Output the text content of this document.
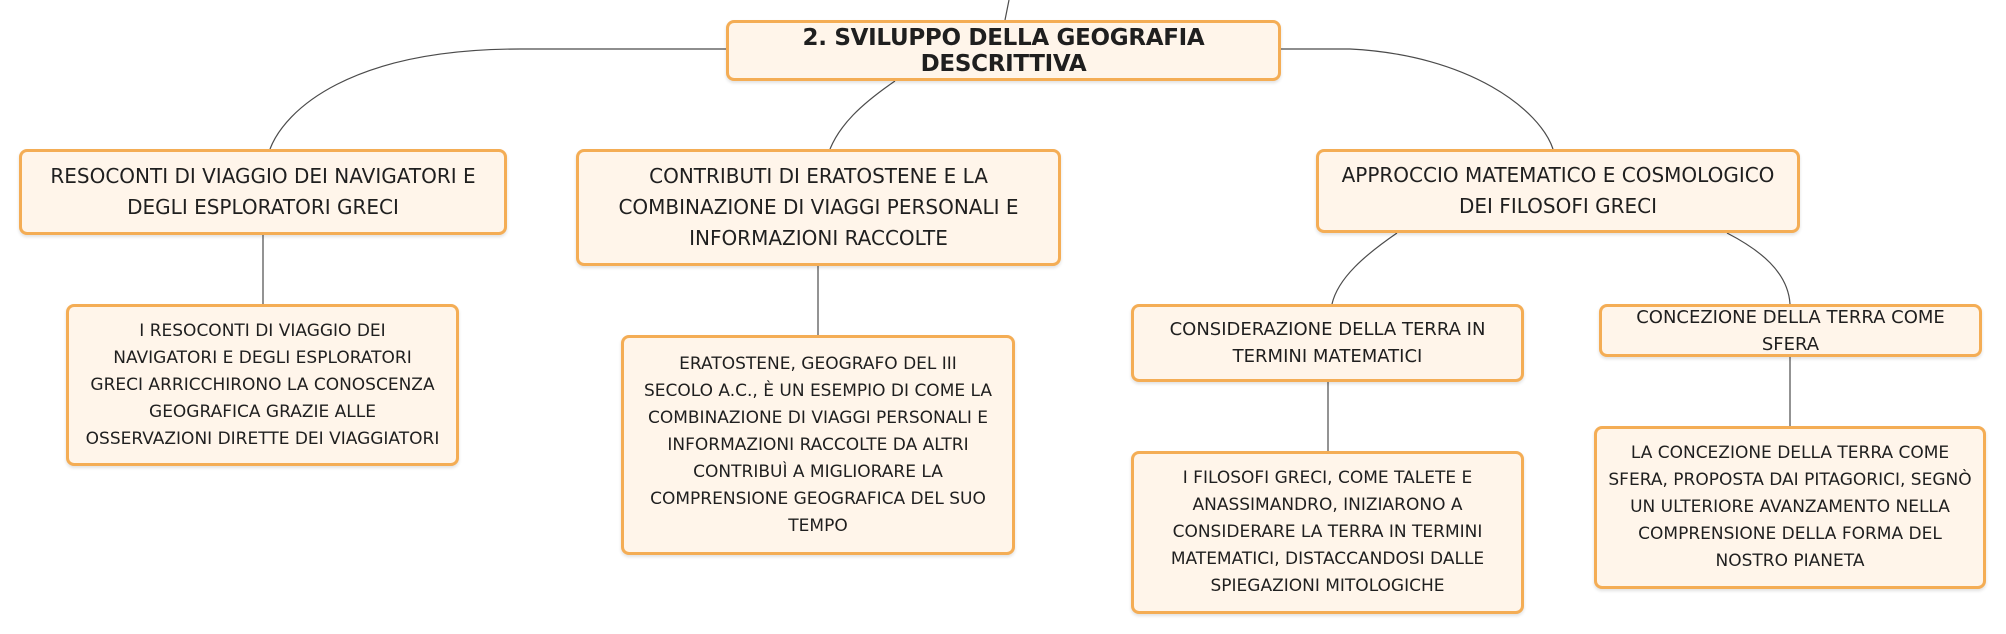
2. SVILUPPO DELLA GEOGRAFIA DESCRITTIVA
RESOCONTI DI VIAGGIO DEI NAVIGATORI E DEGLI ESPLORATORI GRECI
CONTRIBUTI DI ERATOSTENE E LA COMBINAZIONE DI VIAGGI PERSONALI E INFORMAZIONI RACCOLTE
APPROCCIO MATEMATICO E COSMOLOGICO DEI FILOSOFI GRECI
I RESOCONTI DI VIAGGIO DEI NAVIGATORI E DEGLI ESPLORATORI GRECI ARRICCHIRONO LA CONOSCENZA GEOGRAFICA GRAZIE ALLE OSSERVAZIONI DIRETTE DEI VIAGGIATORI
ERATOSTENE, GEOGRAFO DEL III SECOLO A.C., È UN ESEMPIO DI COME LA COMBINAZIONE DI VIAGGI PERSONALI E INFORMAZIONI RACCOLTE DA ALTRI CONTRIBUÌ A MIGLIORARE LA COMPRENSIONE GEOGRAFICA DEL SUO TEMPO
CONSIDERAZIONE DELLA TERRA IN TERMINI MATEMATICI
CONCEZIONE DELLA TERRA COME SFERA
I FILOSOFI GRECI, COME TALETE E ANASSIMANDRO, INIZIARONO A CONSIDERARE LA TERRA IN TERMINI MATEMATICI, DISTACCANDOSI DALLE SPIEGAZIONI MITOLOGICHE
LA CONCEZIONE DELLA TERRA COME SFERA, PROPOSTA DAI PITAGORICI, SEGNÒ UN ULTERIORE AVANZAMENTO NELLA COMPRENSIONE DELLA FORMA DEL NOSTRO PIANETA
